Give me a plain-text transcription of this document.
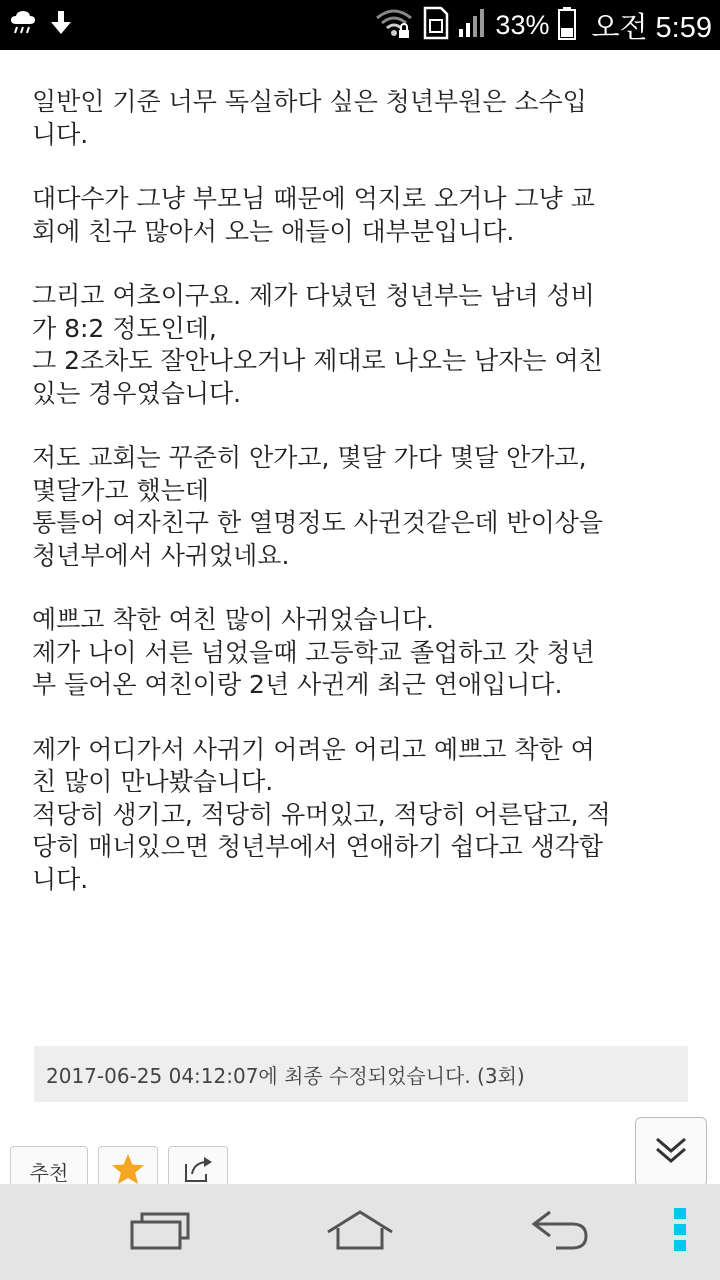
33% 오전 5:59

일반인 기준 너무 독실하다 싶은 청년부원은 소수입
니다.

대다수가 그냥 부모님 때문에 억지로 오거나 그냥 교
회에 친구 많아서 오는 애들이 대부분입니다.

그리고 여초이구요. 제가 다녔던 청년부는 남녀 성비
가 8:2 정도인데,
그 2조차도 잘안나오거나 제대로 나오는 남자는 여친
있는 경우였습니다.

저도 교회는 꾸준히 안가고, 몇달 가다 몇달 안가고,
몇달가고 했는데
통틀어 여자친구 한 열명정도 사귄것같은데 반이상을
청년부에서 사귀었네요.

예쁘고 착한 여친 많이 사귀었습니다.
제가 나이 서른 넘었을때 고등학교 졸업하고 갓 청년
부 들어온 여친이랑 2년 사귄게 최근 연애입니다.

제가 어디가서 사귀기 어려운 어리고 예쁘고 착한 여
친 많이 만나봤습니다.
적당히 생기고, 적당히 유머있고, 적당히 어른답고, 적
당히 매너있으면 청년부에서 연애하기 쉽다고 생각합
니다.

2017-06-25 04:12:07에 최종 수정되었습니다. (3회)
추천
